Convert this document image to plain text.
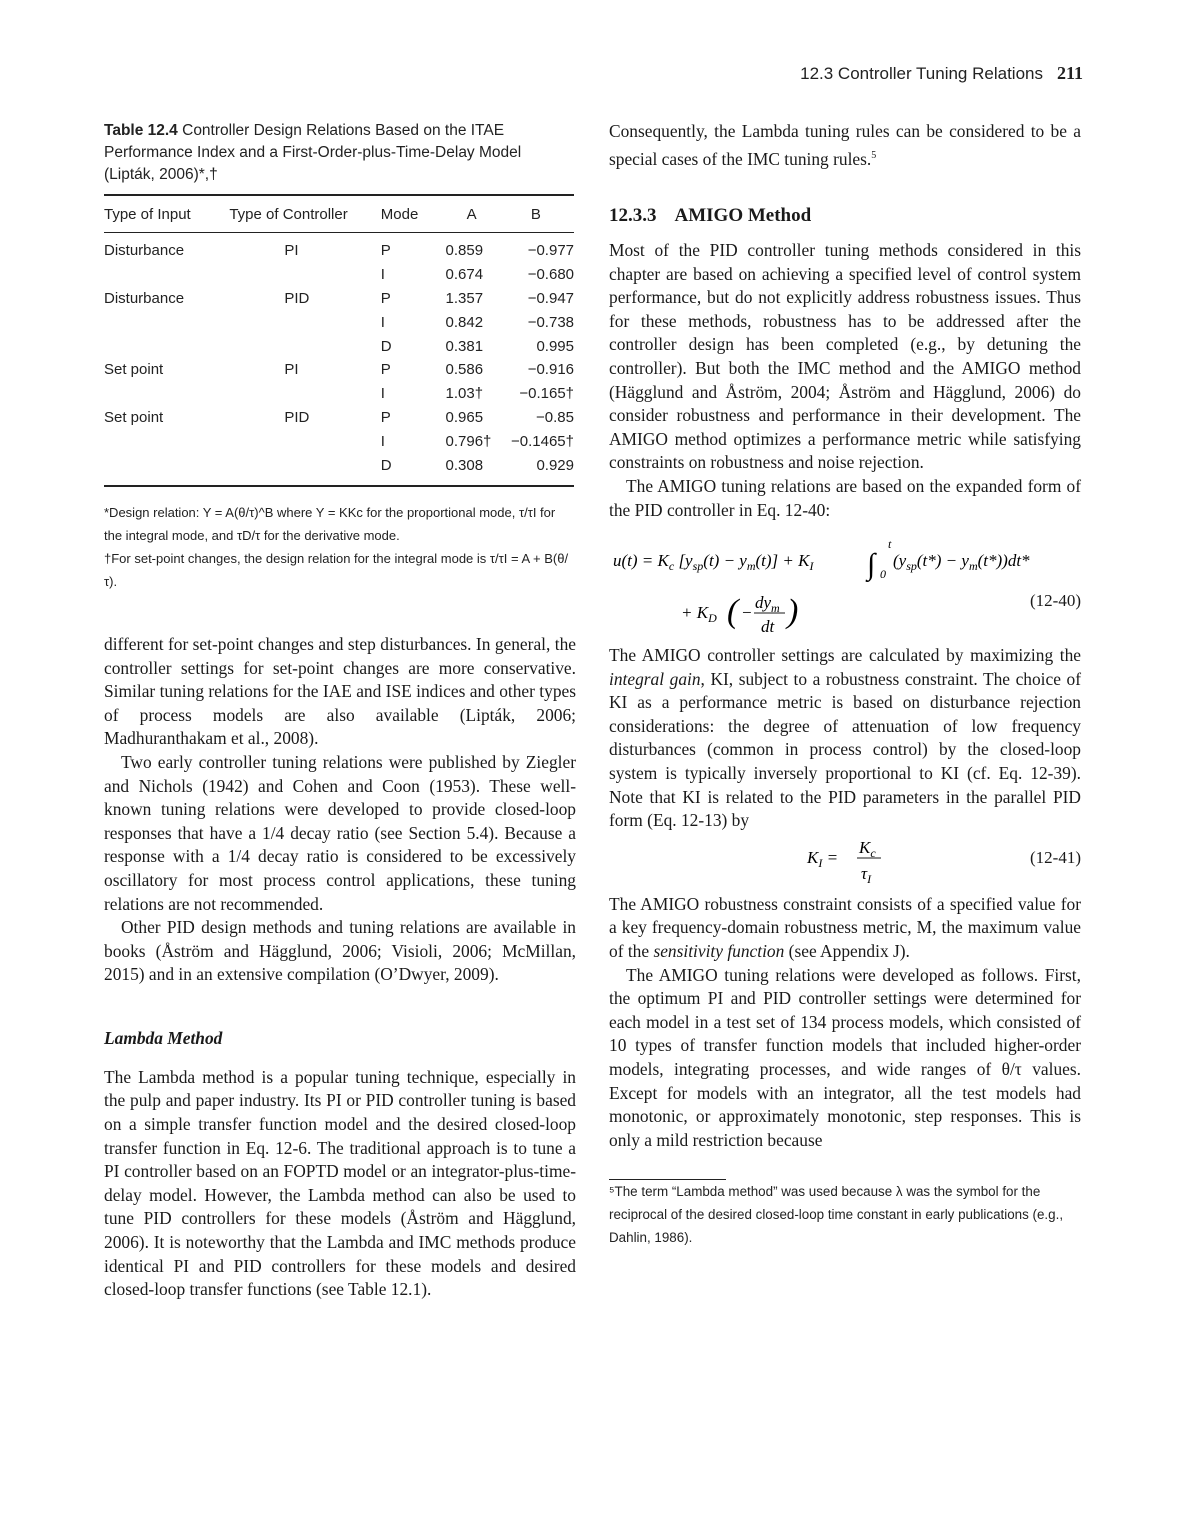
12.3 Controller Tuning Relations 211
Table 12.4 Controller Design Relations Based on the ITAE Performance Index and a First-Order-plus-Time-Delay Model (Lipták, 2006)*,†
Type of Input	Type of Controller	Mode	A	B
Disturbance	PI	P	0.859	−0.977
		I	0.674	−0.680
Disturbance	PID	P	1.357	−0.947
		I	0.842	−0.738
		D	0.381	0.995
Set point	PI	P	0.586	−0.916
		I	1.03†	−0.165†
Set point	PID	P	0.965	−0.85
		I	0.796†	−0.1465†
		D	0.308	0.929
*Design relation: Y = A(θ/τ)^B where Y = KKc for the proportional mode, τ/τI for the integral mode, and τD/τ for the derivative mode.
†For set-point changes, the design relation for the integral mode is τ/τI = A + B(θ/τ).

different for set-point changes and step disturbances. In general, the controller settings for set-point changes are more conservative. Similar tuning relations for the IAE and ISE indices and other types of process models are also available (Lipták, 2006; Madhuranthakam et al., 2008).

Two early controller tuning relations were published by Ziegler and Nichols (1942) and Cohen and Coon (1953). These well-known tuning relations were developed to provide closed-loop responses that have a 1/4 decay ratio (see Section 5.4). Because a response with a 1/4 decay ratio is considered to be excessively oscillatory for most process control applications, these tuning relations are not recommended.

Other PID design methods and tuning relations are available in books (Åström and Hägglund, 2006; Visioli, 2006; McMillan, 2015) and in an extensive compilation (O’Dwyer, 2009).

Lambda Method

The Lambda method is a popular tuning technique, especially in the pulp and paper industry. Its PI or PID controller tuning is based on a simple transfer function model and the desired closed-loop transfer function in Eq. 12-6. The traditional approach is to tune a PI controller based on an FOPTD model or an integrator-plus-time-delay model. However, the Lambda method can also be used to tune PID controllers for these models (Åström and Hägglund, 2006). It is noteworthy that the Lambda and IMC methods produce identical PI and PID controllers for these models and desired closed-loop transfer functions (see Table 12.1).

Consequently, the Lambda tuning rules can be considered to be a special cases of the IMC tuning rules.$^5$

12.3.3 AMIGO Method

Most of the PID controller tuning methods considered in this chapter are based on achieving a specified level of control system performance, but do not explicitly address robustness issues. Thus for these methods, robustness has to be addressed after the controller design has been completed (e.g., by detuning the controller). But both the IMC method and the AMIGO method (Hägglund and Åström, 2004; Åström and Hägglund, 2006) do consider robustness and performance in their development. The AMIGO method optimizes a performance metric while satisfying constraints on robustness and noise rejection.

The AMIGO tuning relations are based on the expanded form of the PID controller in Eq. 12-40:

$u(t) = K_c$ $[y_{sp}(t) - y_m(t)] + K_I$ ∫
t
0
$(y_{sp}(t*) - y_m(t*))dt*$
+ $K_D$ ( −
$dy_m$
dt )	(12-40)

The AMIGO controller settings are calculated by maximizing the integral gain, KI, subject to a robustness constraint. The choice of KI as a performance metric is based on disturbance rejection considerations: the degree of attenuation of low frequency disturbances (common in process control) by the closed-loop system is typically inversely proportional to KI (cf. Eq. 12-39). Note that KI is related to the PID parameters in the parallel PID form (Eq. 12-13) by

$K_I$ =
$K_c$
$\tau_I$
(12-41)

The AMIGO robustness constraint consists of a specified value for a key frequency-domain robustness metric, M, the maximum value of the sensitivity function (see Appendix J).

The AMIGO tuning relations were developed as follows. First, the optimum PI and PID controller settings were determined for each model in a test set of 134 process models, which consisted of 10 types of transfer function models that included higher-order models, integrating processes, and wide ranges of θ/τ values. Except for models with an integrator, all the test models had monotonic, or approximately monotonic, step responses. This is only a mild restriction because

⁵The term “Lambda method” was used because λ was the symbol for the reciprocal of the desired closed-loop time constant in early publications (e.g., Dahlin, 1986).
